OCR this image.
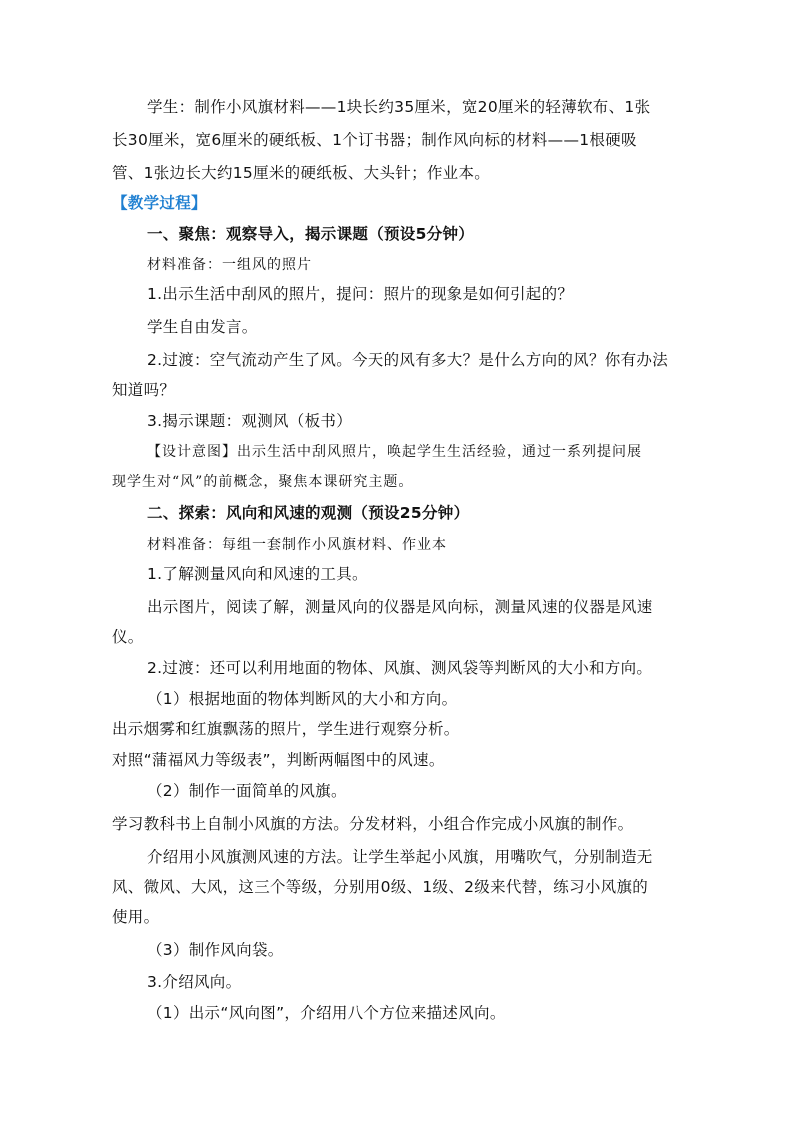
学生：制作小风旗材料——1块长约35厘米，宽20厘米的轻薄软布、1张
长30厘米，宽6厘米的硬纸板、1个订书器；制作风向标的材料——1根硬吸
管、1张边长大约15厘米的硬纸板、大头针；作业本。
【教学过程】
一、聚焦：观察导入，揭示课题（预设5分钟）
材料准备：一组风的照片
1.出示生活中刮风的照片，提问：照片的现象是如何引起的？
学生自由发言。
2.过渡：空气流动产生了风。今天的风有多大？是什么方向的风？你有办法
知道吗？
3.揭示课题：观测风（板书）
【设计意图】出示生活中刮风照片，唤起学生生活经验，通过一系列提问展
现学生对“风”的前概念，聚焦本课研究主题。
二、探索：风向和风速的观测（预设25分钟）
材料准备：每组一套制作小风旗材料、作业本
1.了解测量风向和风速的工具。
出示图片，阅读了解，测量风向的仪器是风向标，测量风速的仪器是风速
仪。
2.过渡：还可以利用地面的物体、风旗、测风袋等判断风的大小和方向。
（1）根据地面的物体判断风的大小和方向。
出示烟雾和红旗飘荡的照片，学生进行观察分析。
对照“蒲福风力等级表”，判断两幅图中的风速。
（2）制作一面简单的风旗。
学习教科书上自制小风旗的方法。分发材料，小组合作完成小风旗的制作。
介绍用小风旗测风速的方法。让学生举起小风旗，用嘴吹气，分别制造无
风、微风、大风，这三个等级，分别用0级、1级、2级来代替，练习小风旗的
使用。
（3）制作风向袋。
3.介绍风向。
（1）出示“风向图”，介绍用八个方位来描述风向。
